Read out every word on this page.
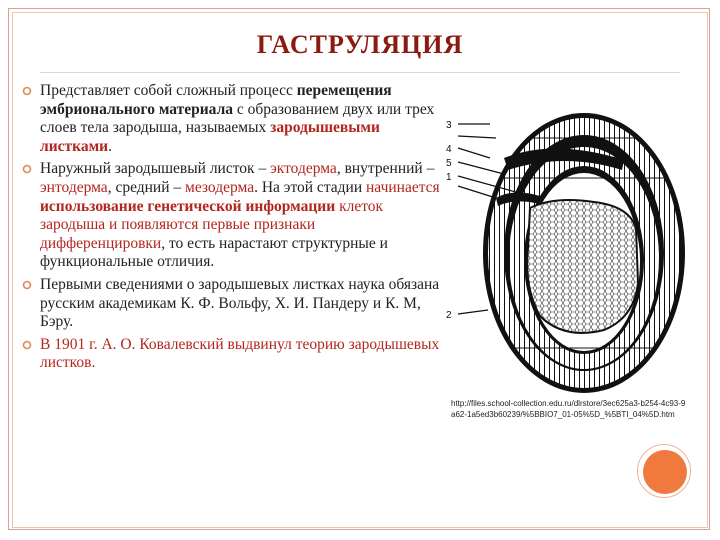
ГАСТРУЛЯЦИЯ
Представляет собой сложный процесс перемещения эмбрионального материала с образованием двух или трех слоев тела зародыша, называемых зародышевыми листками.
Наружный зародышевый листок – эктодерма, внутренний – энтодерма, средний – мезодерма. На этой стадии начинается использование генетической информации клеток зародыша и появляются первые признаки дифференцировки, то есть нарастают структурные и функциональные отличия.
Первыми сведениями о зародышевых листках наука обязана русским академикам К. Ф. Вольфу, Х. И. Пандеру и К. М, Бэру.
В 1901 г. А. О. Ковалевский выдвинул теорию зародышевых листков.
3
4
5
1
2
http://files.school-collection.edu.ru/dlrstore/3ec625a3-b254-4c93-9a62-1a5ed3b60239/%5BBIO7_01-05%5D_%5BTI_04%5D.htm
